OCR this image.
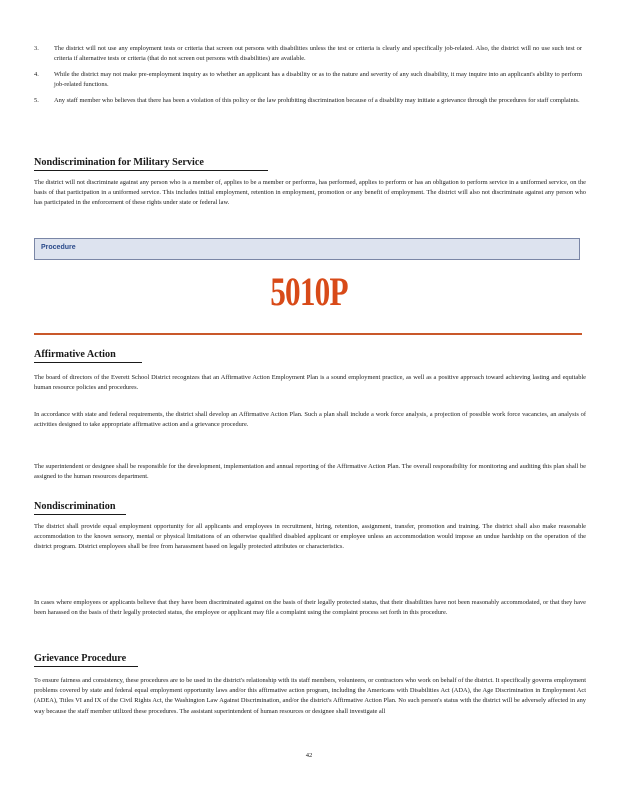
3. The district will not use any employment tests or criteria that screen out persons with disabilities unless the test or criteria is clearly and specifically job-related. Also, the district will no use such test or criteria if alternative tests or criteria (that do not screen out persons with disabilities) are available.
4. While the district may not make pre-employment inquiry as to whether an applicant has a disability or as to the nature and severity of any such disability, it may inquire into an applicant's ability to perform job-related functions.
5. Any staff member who believes that there has been a violation of this policy or the law prohibiting discrimination because of a disability may initiate a grievance through the procedures for staff complaints.
Nondiscrimination for Military Service
The district will not discriminate against any person who is a member of, applies to be a member or performs, has performed, applies to perform or has an obligation to perform service in a uniformed service, on the basis of that participation in a uniformed service. This includes initial employment, retention in employment, promotion or any benefit of employment. The district will also not discriminate against any person who has participated in the enforcement of these rights under state or federal law.
Procedure
5010P
Affirmative Action
The board of directors of the Everett School District recognizes that an Affirmative Action Employment Plan is a sound employment practice, as well as a positive approach toward achieving lasting and equitable human resource policies and procedures.
In accordance with state and federal requirements, the district shall develop an Affirmative Action Plan. Such a plan shall include a work force analysis, a projection of possible work force vacancies, an analysis of activities designed to take appropriate affirmative action and a grievance procedure.
The superintendent or designee shall be responsible for the development, implementation and annual reporting of the Affirmative Action Plan. The overall responsibility for monitoring and auditing this plan shall be assigned to the human resources department.
Nondiscrimination
The district shall provide equal employment opportunity for all applicants and employees in recruitment, hiring, retention, assignment, transfer, promotion and training. The district shall also make reasonable accommodation to the known sensory, mental or physical limitations of an otherwise qualified disabled applicant or employee unless an accommodation would impose an undue hardship on the operation of the district program. District employees shall be free from harassment based on legally protected attributes or characteristics.
In cases where employees or applicants believe that they have been discriminated against on the basis of their legally protected status, that their disabilities have not been reasonably accommodated, or that they have been harassed on the basis of their legally protected status, the employee or applicant may file a complaint using the complaint process set forth in this procedure.
Grievance Procedure
To ensure fairness and consistency, these procedures are to be used in the district's relationship with its staff members, volunteers, or contractors who work on behalf of the district. It specifically governs employment problems covered by state and federal equal employment opportunity laws and/or this affirmative action program, including the Americans with Disabilities Act (ADA), the Age Discrimination in Employment Act (ADEA), Titles VI and IX of the Civil Rights Act, the Washington Law Against Discrimination, and/or the district's Affirmative Action Plan. No such person's status with the district will be adversely affected in any way because the staff member utilized these procedures. The assistant superintendent of human resources or designee shall investigate all
42
